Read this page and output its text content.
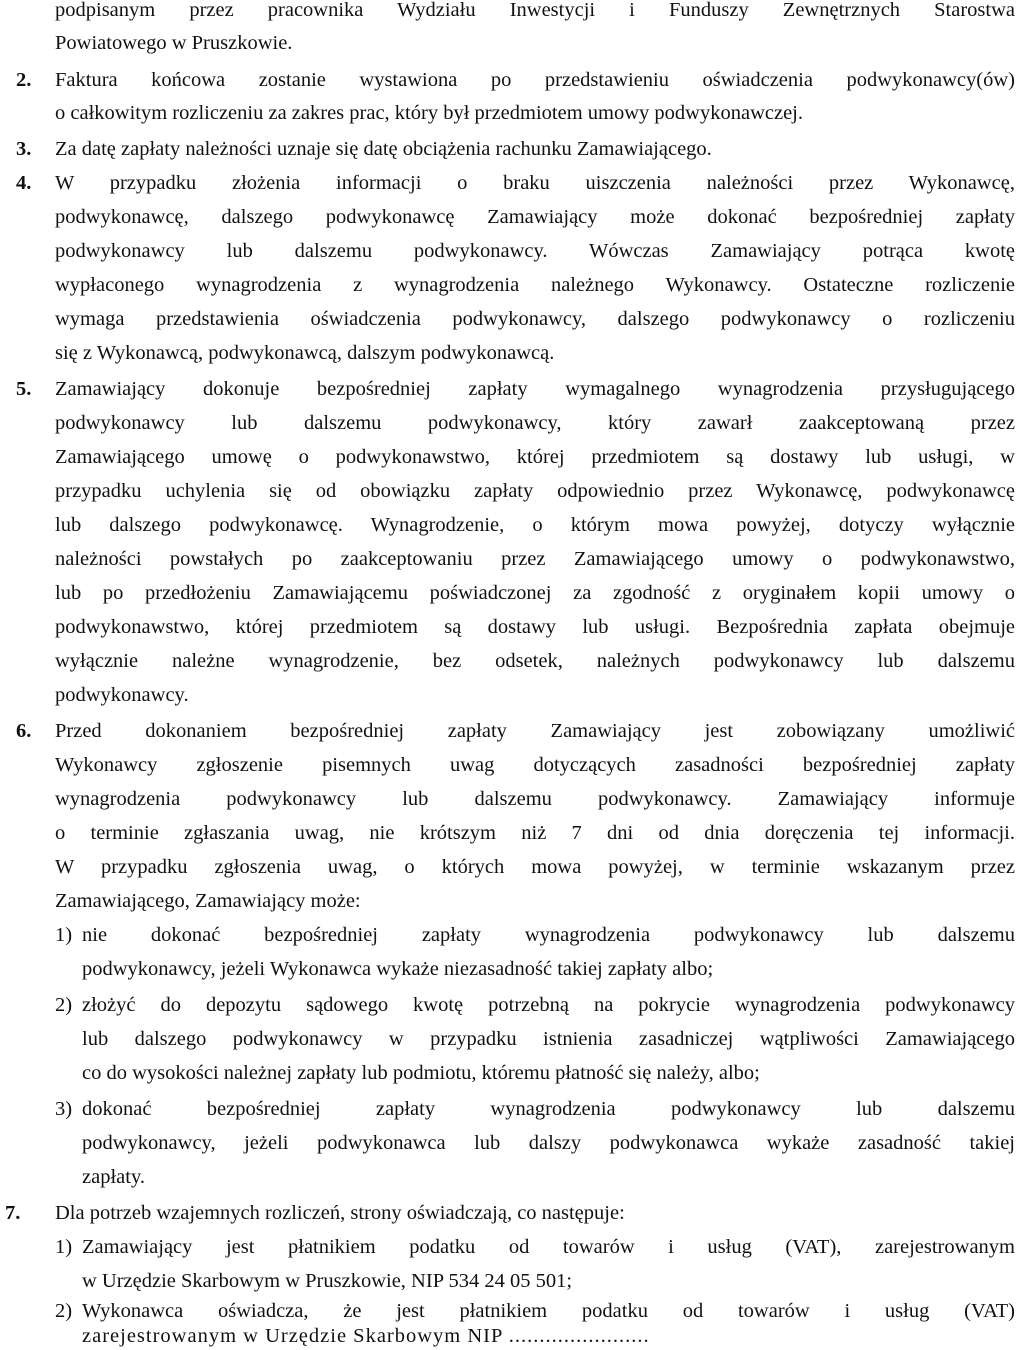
podpisanym przez pracownika Wydziału Inwestycji i Funduszy Zewnętrznych Starostwa
Powiatowego w Pruszkowie.
2. Faktura końcowa zostanie wystawiona po przedstawieniu oświadczenia podwykonawcy(ów)
o całkowitym rozliczeniu za zakres prac, który był przedmiotem umowy podwykonawczej.
3. Za datę zapłaty należności uznaje się datę obciążenia rachunku Zamawiającego.
4. W przypadku złożenia informacji o braku uiszczenia należności przez Wykonawcę,
podwykonawcę, dalszego podwykonawcę Zamawiający może dokonać bezpośredniej zapłaty
podwykonawcy lub dalszemu podwykonawcy. Wówczas Zamawiający potrąca kwotę
wypłaconego wynagrodzenia z wynagrodzenia należnego Wykonawcy. Ostateczne rozliczenie
wymaga przedstawienia oświadczenia podwykonawcy, dalszego podwykonawcy o rozliczeniu
się z Wykonawcą, podwykonawcą, dalszym podwykonawcą.
5. Zamawiający dokonuje bezpośredniej zapłaty wymagalnego wynagrodzenia przysługującego
podwykonawcy lub dalszemu podwykonawcy, który zawarł zaakceptowaną przez
Zamawiającego umowę o podwykonawstwo, której przedmiotem są dostawy lub usługi, w
przypadku uchylenia się od obowiązku zapłaty odpowiednio przez Wykonawcę, podwykonawcę
lub dalszego podwykonawcę. Wynagrodzenie, o którym mowa powyżej, dotyczy wyłącznie
należności powstałych po zaakceptowaniu przez Zamawiającego umowy o podwykonawstwo,
lub po przedłożeniu Zamawiającemu poświadczonej za zgodność z oryginałem kopii umowy o
podwykonawstwo, której przedmiotem są dostawy lub usługi. Bezpośrednia zapłata obejmuje
wyłącznie należne wynagrodzenie, bez odsetek, należnych podwykonawcy lub dalszemu
podwykonawcy.
6. Przed dokonaniem bezpośredniej zapłaty Zamawiający jest zobowiązany umożliwić
Wykonawcy zgłoszenie pisemnych uwag dotyczących zasadności bezpośredniej zapłaty
wynagrodzenia podwykonawcy lub dalszemu podwykonawcy. Zamawiający informuje
o terminie zgłaszania uwag, nie krótszym niż 7 dni od dnia doręczenia tej informacji.
W przypadku zgłoszenia uwag, o których mowa powyżej, w terminie wskazanym przez
Zamawiającego, Zamawiający może:
1) nie dokonać bezpośredniej zapłaty wynagrodzenia podwykonawcy lub dalszemu
podwykonawcy, jeżeli Wykonawca wykaże niezasadność takiej zapłaty albo;
2) złożyć do depozytu sądowego kwotę potrzebną na pokrycie wynagrodzenia podwykonawcy
lub dalszego podwykonawcy w przypadku istnienia zasadniczej wątpliwości Zamawiającego
co do wysokości należnej zapłaty lub podmiotu, któremu płatność się należy, albo;
3) dokonać bezpośredniej zapłaty wynagrodzenia podwykonawcy lub dalszemu
podwykonawcy, jeżeli podwykonawca lub dalszy podwykonawca wykaże zasadność takiej
zapłaty.
7. Dla potrzeb wzajemnych rozliczeń, strony oświadczają, co następuje:
1) Zamawiający jest płatnikiem podatku od towarów i usług (VAT), zarejestrowanym
w Urzędzie Skarbowym w Pruszkowie, NIP 534 24 05 501;
2) Wykonawca oświadcza, że jest płatnikiem podatku od towarów i usług (VAT)
zarejestrowanym w Urzędzie Skarbowym NIP .......................
